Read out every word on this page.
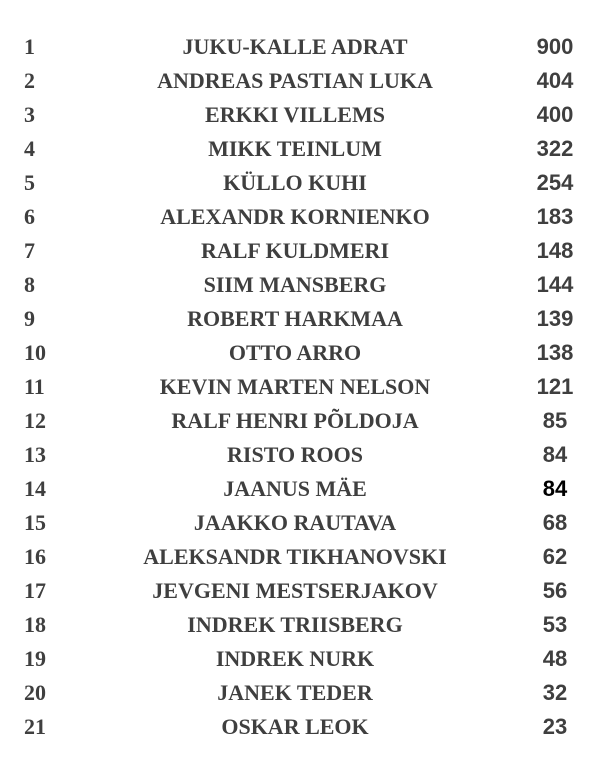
1	JUKU-KALLE ADRAT	900
2	ANDREAS PASTIAN LUKA	404
3	ERKKI VILLEMS	400
4	MIKK TEINLUM	322
5	KÜLLO KUHI	254
6	ALEXANDR KORNIENKO	183
7	RALF KULDMERI	148
8	SIIM MANSBERG	144
9	ROBERT HARKMAA	139
10	OTTO ARRO	138
11	KEVIN MARTEN NELSON	121
12	RALF HENRI PÕLDOJA	85
13	RISTO ROOS	84
14	JAANUS MÄE	84
15	JAAKKO RAUTAVA	68
16	ALEKSANDR TIKHANOVSKI	62
17	JEVGENI MESTSERJAKOV	56
18	INDREK TRIISBERG	53
19	INDREK NURK	48
20	JANEK TEDER	32
21	OSKAR LEOK	23
